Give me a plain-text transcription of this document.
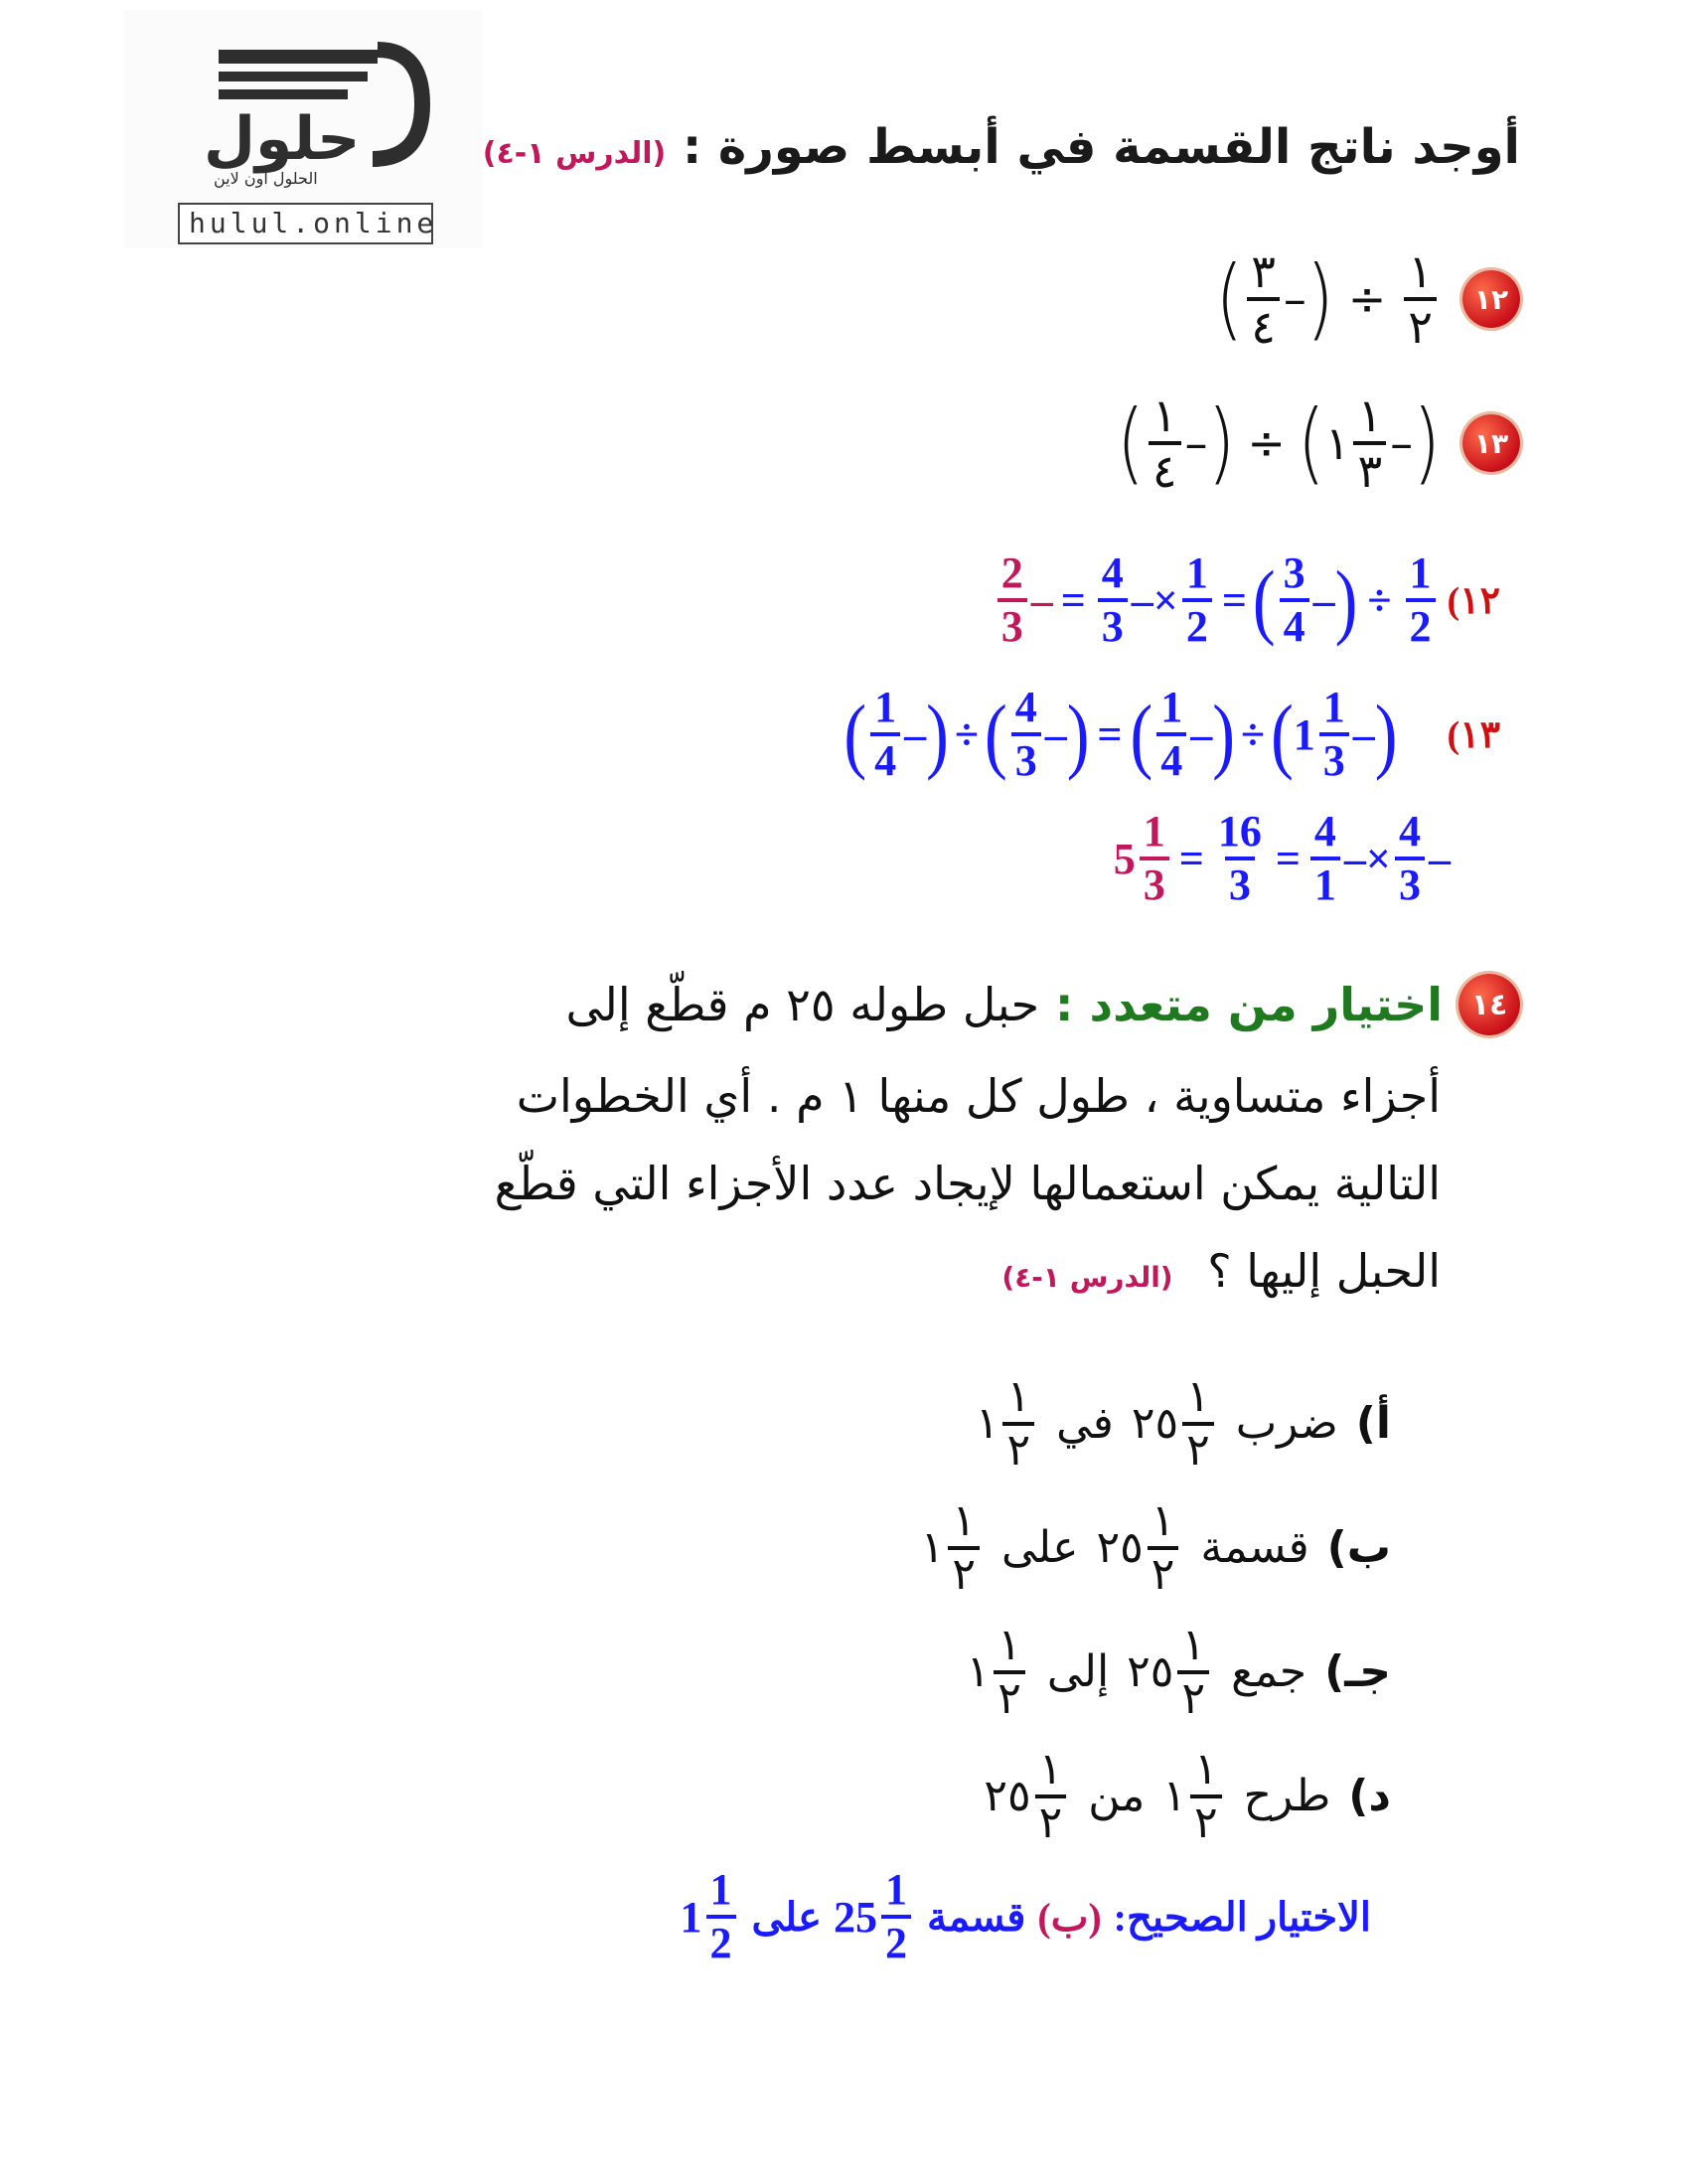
حلول
الحلول أون لاين
hulul.online
أوجد ناتج القسمة في أبسط صورة : (الدرس ١-٤)
١٢
( $\frac{٣}{٤}$ – ) ÷ $\frac{١}{٢}$
١٣
( $\frac{١}{٤}$ – ) ÷ ( ١ $\frac{١}{٣}$ – )
$\frac{2}{3}$ – = $\frac{4}{3} -\times \frac{1}{2}$ = ( $\frac{3}{4}$ – ) ÷ $\frac{1}{2}$ (١٢
( $\frac{1}{4}$ – ) ÷ ( $\frac{4}{3}$ – ) = ( $\frac{1}{4}$ – ) ÷ ( $1 \frac{1}{3}$ – ) (١٣
$5 \frac{1}{3} = \frac{16}{3} = \frac{4}{1} -\times \frac{4}{3}$ –
١٤
اختيار من متعدد :
حبل طوله ٢٥ م قطّع إلى
أجزاء متساوية ، طول كل منها ١ م . أي الخطوات
التالية يمكن استعمالها لإيجاد عدد الأجزاء التي قطّع
الحبل إليها ؟ (الدرس ١-٤)
أ)
ضرب
٢٥ $\frac{١}{٢}$
في
١ $\frac{١}{٢}$
ب)
قسمة
٢٥ $\frac{١}{٢}$
على
١ $\frac{١}{٢}$
جـ)
جمع
٢٥ $\frac{١}{٢}$
إلى
١ $\frac{١}{٢}$
د)
طرح
١ $\frac{١}{٢}$
من
٢٥ $\frac{١}{٢}$
الاختيار الصحيح:
(ب)
قسمة
$25 \frac{1}{2}$
على
$1 \frac{1}{2}$
